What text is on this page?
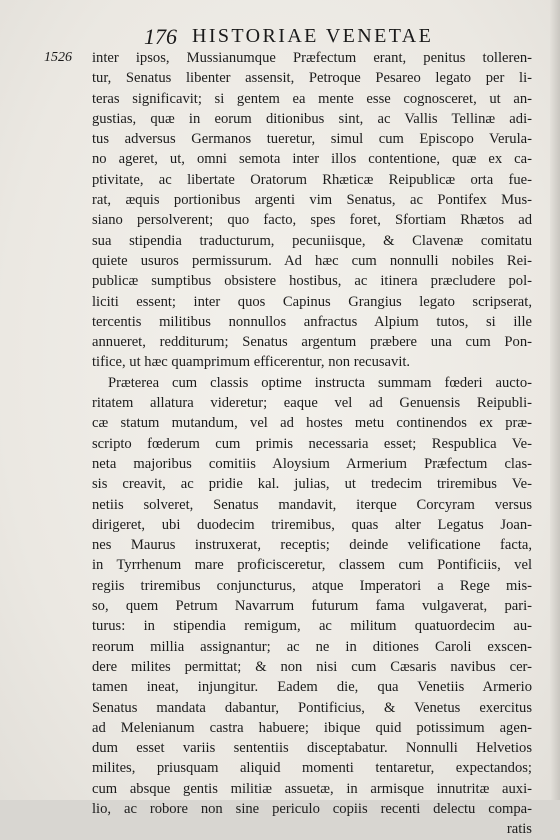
176 HISTORIAE VENETAE
1526 inter ipsos, Mussianumque Præfectum erant, penitus tolleren-
tur, Senatus libenter assensit, Petroque Pesareo legato per li-
teras significavit; si gentem ea mente esse cognosceret, ut an-
gustias, quæ in eorum ditionibus sint, ac Vallis Tellinæ adi-
tus adversus Germanos tueretur, simul cum Episcopo Verula-
no ageret, ut, omni semota inter illos contentione, quæ ex ca-
ptivitate, ac libertate Oratorum Rhæticæ Reipublicæ orta fue-
rat, æquis portionibus argenti vim Senatus, ac Pontifex Mus-
siano persolverent; quo facto, spes foret, Sfortiam Rhætos ad
sua stipendia traducturum, pecuniisque, & Clavenæ comitatu
quiete usuros permissurum. Ad hæc cum nonnulli nobiles Rei-
publicæ sumptibus obsistere hostibus, ac itinera præcludere pol-
liciti essent; inter quos Capinus Grangius legato scripserat,
tercentis militibus nonnullos anfractus Alpium tutos, si ille
annueret, redditurum; Senatus argentum præbere una cum Pon-
tifice, ut hæc quamprimum efficerentur, non recusavit.
Præterea cum classis optime instructa summam fœderi aucto-
ritatem allatura videretur; eaque vel ad Genuensis Reipubli-
cæ statum mutandum, vel ad hostes metu continendos ex præ-
scripto fœderum cum primis necessaria esset; Respublica Ve-
neta majoribus comitiis Aloysium Armerium Præfectum clas-
sis creavit, ac pridie kal. julias, ut tredecim triremibus Ve-
netiis solveret, Senatus mandavit, iterque Corcyram versus
dirigeret, ubi duodecim triremibus, quas alter Legatus Joan-
nes Maurus instruxerat, receptis; deinde velificatione facta,
in Tyrrhenum mare proficisceretur, classem cum Pontificiis, vel
regiis triremibus conjuncturus, atque Imperatori a Rege mis-
so, quem Petrum Navarrum futurum fama vulgaverat, pari-
turus: in stipendia remigum, ac militum quatuordecim au-
reorum millia assignantur; ac ne in ditiones Caroli exscen-
dere milites permittat; & non nisi cum Cæsaris navibus cer-
tamen ineat, injungitur. Eadem die, qua Venetiis Armerio
Senatus mandata dabantur, Pontificius, & Venetus exercitus
ad Melenianum castra habuere; ibique quid potissimum agen-
dum esset variis sententiis disceptabatur. Nonnulli Helvetios
milites, priusquam aliquid momenti tentaretur, expectandos;
cum absque gentis militiæ assuetæ, in armisque innutritæ auxi-
lio, ac robore non sine periculo copiis recenti delectu compa-
ratis
